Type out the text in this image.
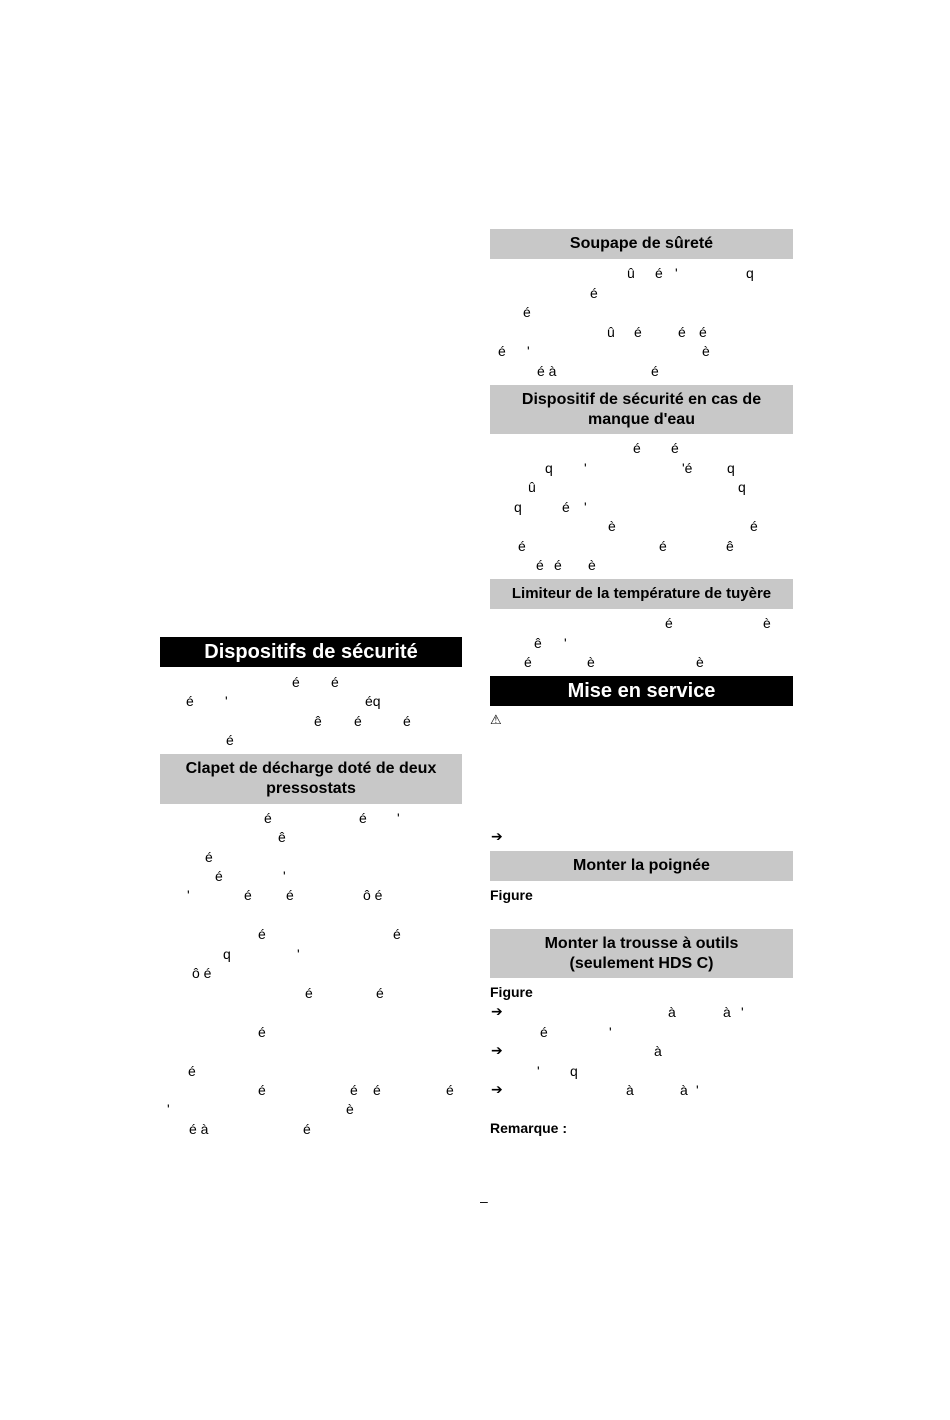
Dispositifs de sécurité
é é
é '	éq
ê é	é
é
Clapet de décharge doté de deux
pressostats
é	é '
ê
é
'
é
'	é é	ô é
é	é
q	'
ô é
é	é
é
é
é	é é	é
'	è
é à	é
Soupape de sûreté
û é '	q
é
é
û é	é é
é '	è
é à	é
Dispositif de sécurité en cas de
manque d'eau
é é
q '	'é q
û	q
q	é '
è	é
é	é	ê
é é è
Limiteur de la température de tuyère
é	è
ê '
é	è	è
Mise en service
⚠
➔
Monter la poignée
Figure
Monter la trousse à outils
(seulement HDS C)
Figure
➔
➔
➔
à	à '
é	'
à
' q
à	à '
Remarque :
–
